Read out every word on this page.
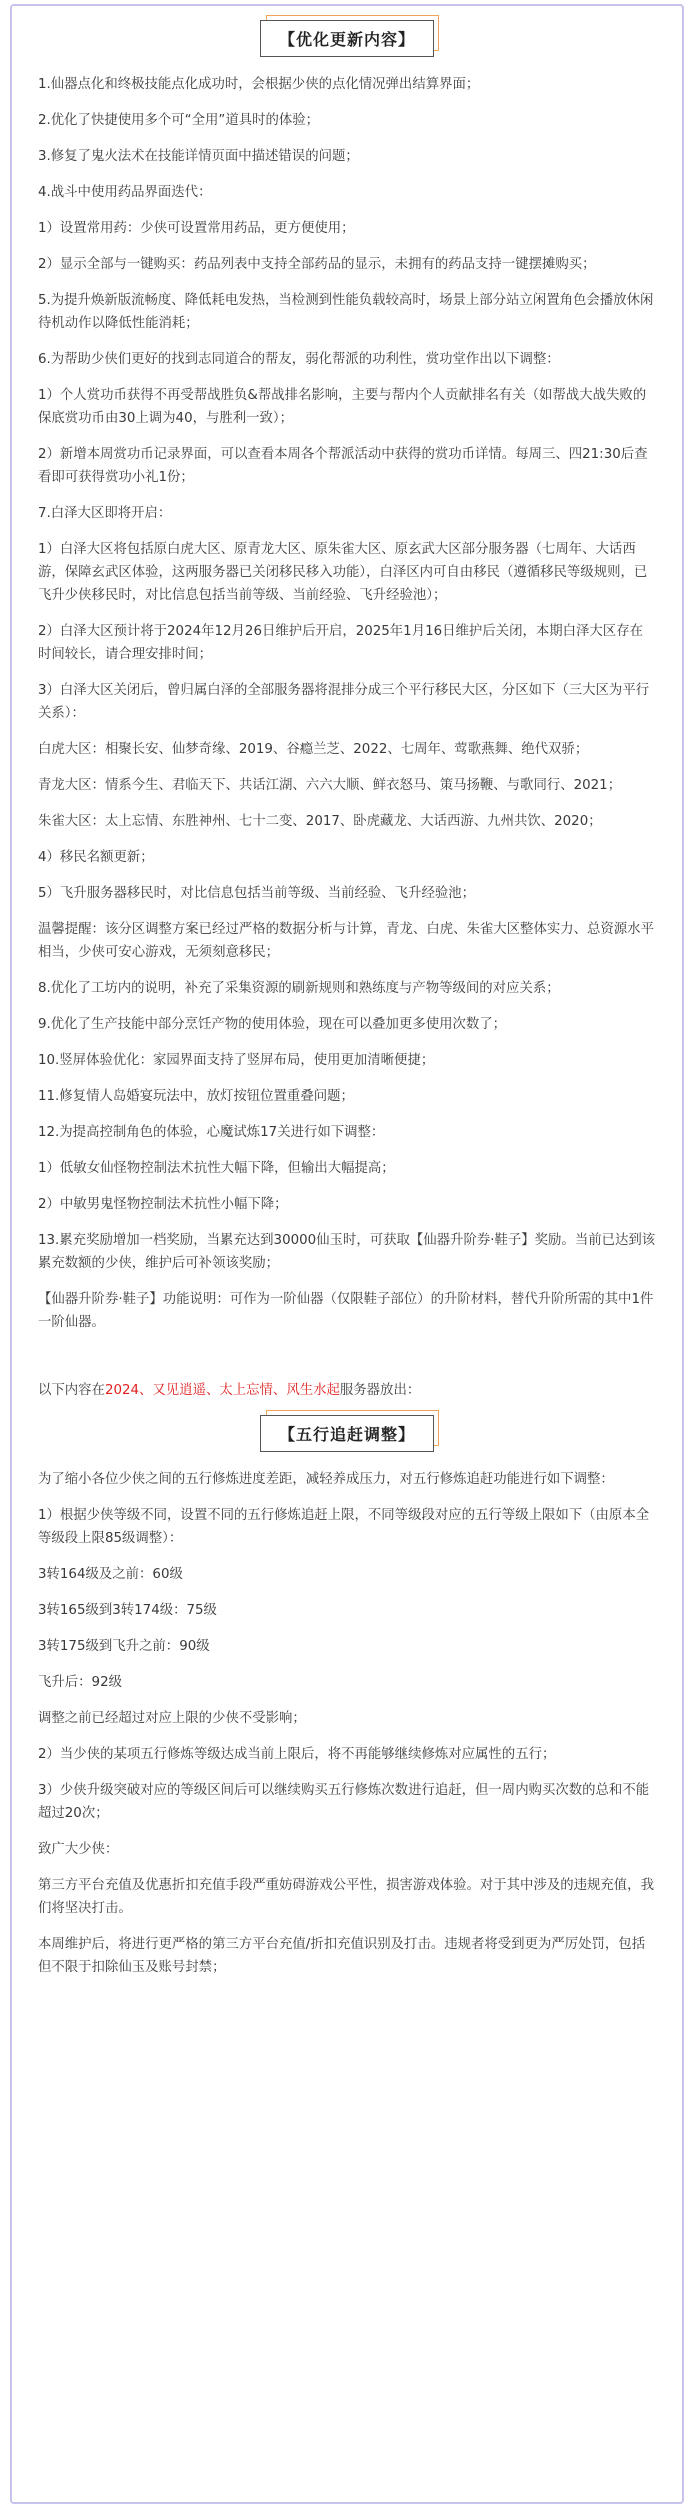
【优化更新内容】

1.仙器点化和终极技能点化成功时，会根据少侠的点化情况弹出结算界面；

2.优化了快捷使用多个可“全用”道具时的体验；

3.修复了鬼火法术在技能详情页面中描述错误的问题；

4.战斗中使用药品界面迭代：

1）设置常用药：少侠可设置常用药品，更方便使用；

2）显示全部与一键购买：药品列表中支持全部药品的显示，未拥有的药品支持一键摆摊购买；

5.为提升焕新版流畅度、降低耗电发热，当检测到性能负载较高时，场景上部分站立闲置角色会播放休闲待机动作以降低性能消耗；

6.为帮助少侠们更好的找到志同道合的帮友，弱化帮派的功利性，赏功堂作出以下调整：

1）个人赏功币获得不再受帮战胜负&帮战排名影响，主要与帮内个人贡献排名有关（如帮战大战失败的保底赏功币由30上调为40，与胜利一致）；

2）新增本周赏功币记录界面，可以查看本周各个帮派活动中获得的赏功币详情。每周三、四21:30后查看即可获得赏功小礼1份；

7.白泽大区即将开启：

1）白泽大区将包括原白虎大区、原青龙大区、原朱雀大区、原玄武大区部分服务器（七周年、大话西游，保障玄武区体验，这两服务器已关闭移民移入功能），白泽区内可自由移民（遵循移民等级规则，已飞升少侠移民时，对比信息包括当前等级、当前经验、飞升经验池）；

2）白泽大区预计将于2024年12月26日维护后开启，2025年1月16日维护后关闭，本期白泽大区存在时间较长，请合理安排时间；

3）白泽大区关闭后，曾归属白泽的全部服务器将混排分成三个平行移民大区，分区如下（三大区为平行关系）：

白虎大区：相聚长安、仙梦奇缘、2019、谷瘾兰芝、2022、七周年、莺歌燕舞、绝代双骄；

青龙大区：情系今生、君临天下、共话江湖、六六大顺、鲜衣怒马、策马扬鞭、与歌同行、2021；

朱雀大区：太上忘情、东胜神州、七十二变、2017、卧虎藏龙、大话西游、九州共饮、2020；

4）移民名额更新；

5）飞升服务器移民时，对比信息包括当前等级、当前经验、飞升经验池；

温馨提醒：该分区调整方案已经过严格的数据分析与计算，青龙、白虎、朱雀大区整体实力、总资源水平相当，少侠可安心游戏，无须刻意移民；

8.优化了工坊内的说明，补充了采集资源的刷新规则和熟练度与产物等级间的对应关系；

9.优化了生产技能中部分烹饪产物的使用体验，现在可以叠加更多使用次数了；

10.竖屏体验优化：家园界面支持了竖屏布局，使用更加清晰便捷；

11.修复情人岛婚宴玩法中，放灯按钮位置重叠问题；

12.为提高控制角色的体验，心魔试炼17关进行如下调整：

1）低敏女仙怪物控制法术抗性大幅下降，但输出大幅提高；

2）中敏男鬼怪物控制法术抗性小幅下降；

13.累充奖励增加一档奖励，当累充达到30000仙玉时，可获取【仙器升阶券·鞋子】奖励。当前已达到该累充数额的少侠，维护后可补领该奖励；

【仙器升阶券·鞋子】功能说明：可作为一阶仙器（仅限鞋子部位）的升阶材料，替代升阶所需的其中1件一阶仙器。

以下内容在2024、又见逍遥、太上忘情、风生水起服务器放出：
【五行追赶调整】

为了缩小各位少侠之间的五行修炼进度差距，减轻养成压力，对五行修炼追赶功能进行如下调整：

1）根据少侠等级不同，设置不同的五行修炼追赶上限，不同等级段对应的五行等级上限如下（由原本全等级段上限85级调整）：

3转164级及之前：60级

3转165级到3转174级：75级

3转175级到飞升之前：90级

飞升后：92级

调整之前已经超过对应上限的少侠不受影响；

2）当少侠的某项五行修炼等级达成当前上限后，将不再能够继续修炼对应属性的五行；

3）少侠升级突破对应的等级区间后可以继续购买五行修炼次数进行追赶，但一周内购买次数的总和不能超过20次；

致广大少侠：

第三方平台充值及优惠折扣充值手段严重妨碍游戏公平性，损害游戏体验。对于其中涉及的违规充值，我们将坚决打击。

本周维护后，将进行更严格的第三方平台充值/折扣充值识别及打击。违规者将受到更为严厉处罚，包括但不限于扣除仙玉及账号封禁；
